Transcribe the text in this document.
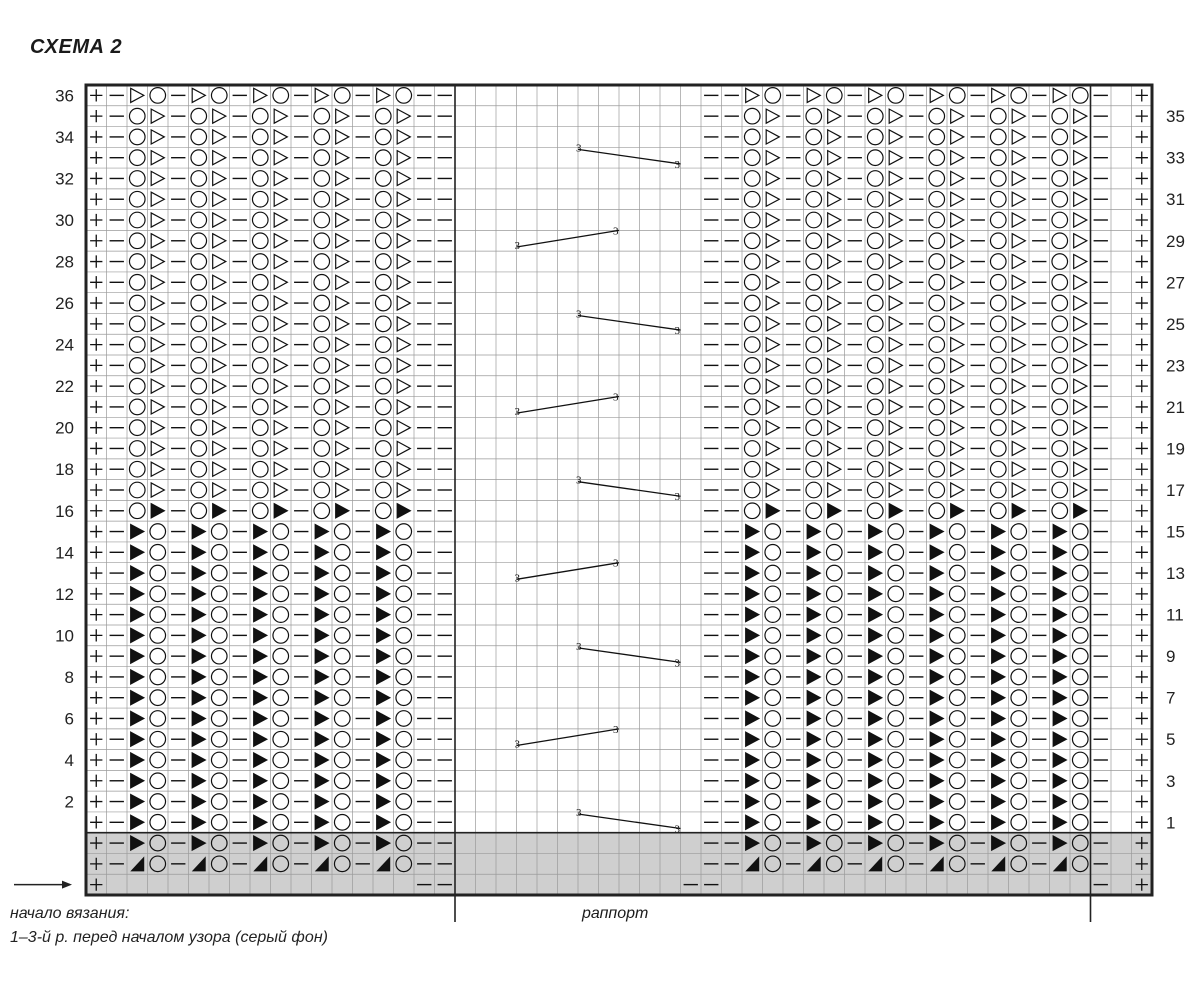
СХЕМА 2
3
3
3
3
3
3
3
3
3
3
3
3
3
3
3
3
3
3
36
34
32
30
28
26
24
22
20
18
16
14
12
10
8
6
4
2
35
33
31
29
27
25
23
21
19
17
15
13
11
9
7
5
3
1
начало вязания:
1–3-й р. перед началом узора (серый фон)
раппорт
